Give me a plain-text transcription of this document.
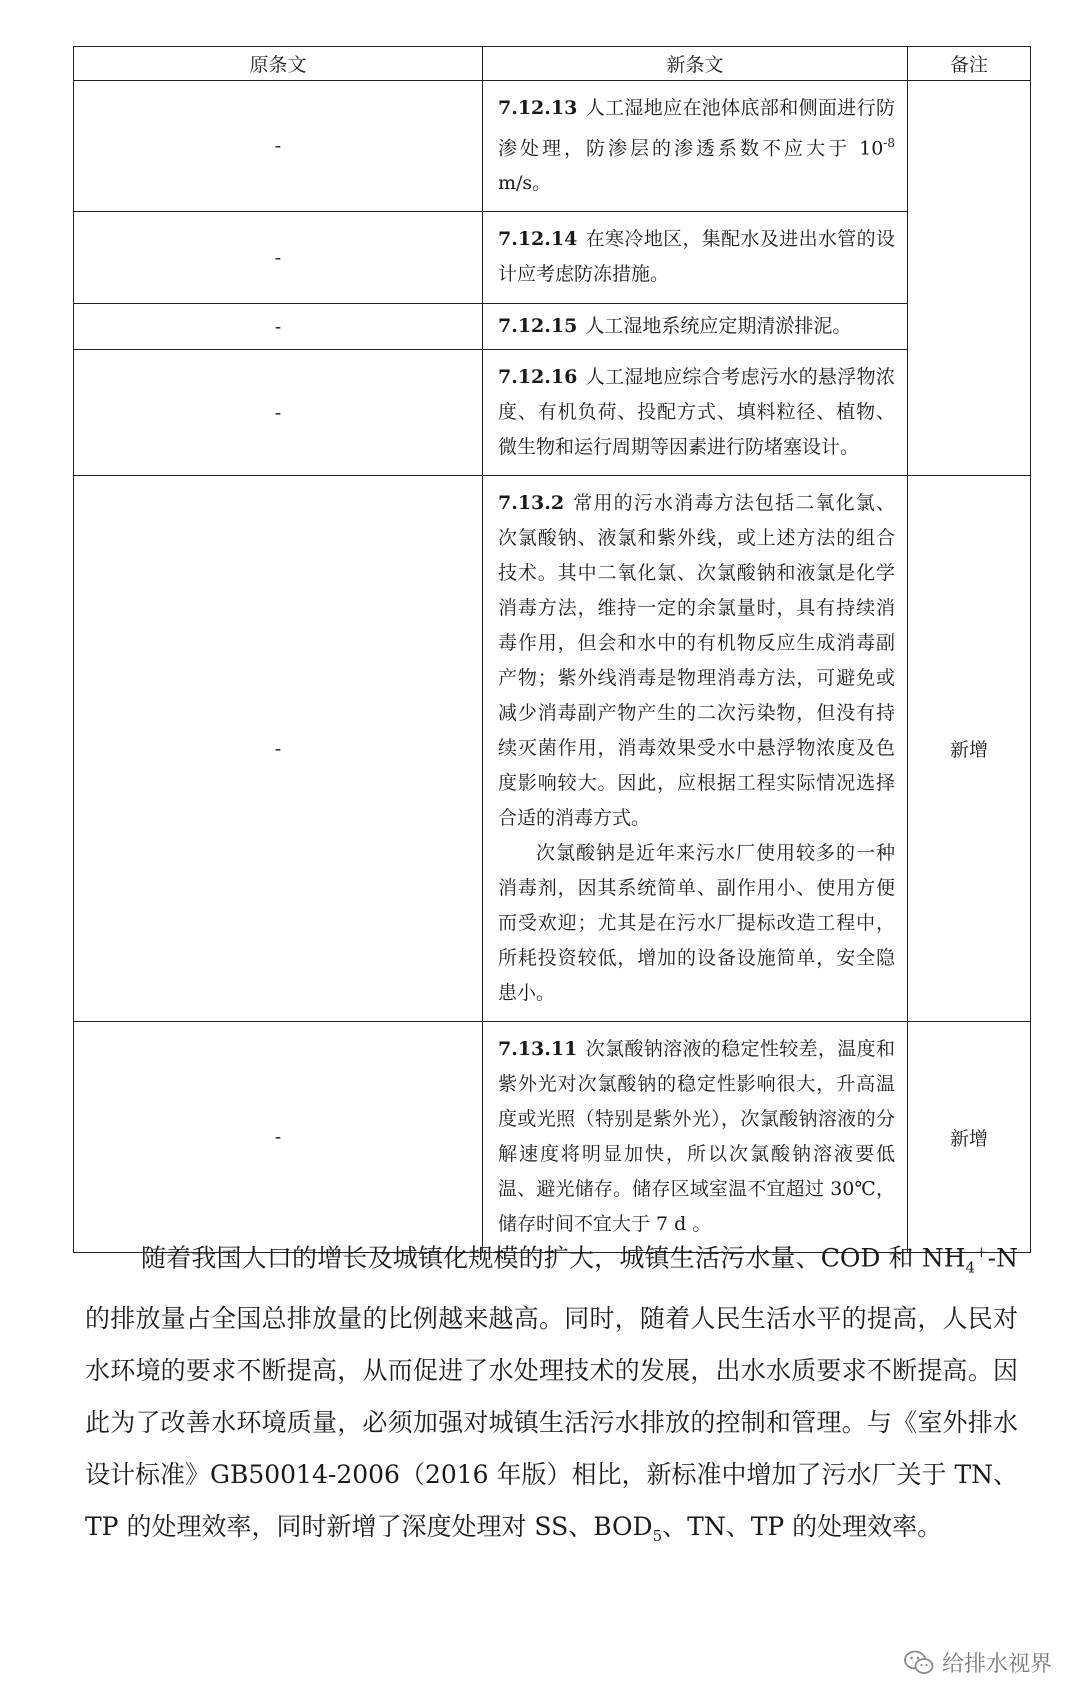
原条文	新条文	备注
-	7.12.13 人工湿地应在池体底部和侧面进行防渗处理，防渗层的渗透系数不应大于 $10^{-8}$ m/s。	
-	7.12.14 在寒冷地区，集配水及进出水管的设计应考虑防冻措施。	
-	7.12.15 人工湿地系统应定期清淤排泥。	
-	7.12.16 人工湿地应综合考虑污水的悬浮物浓度、有机负荷、投配方式、填料粒径、植物、微生物和运行周期等因素进行防堵塞设计。	
-	7.13.2 常用的污水消毒方法包括二氧化氯、次氯酸钠、液氯和紫外线，或上述方法的组合技术。其中二氧化氯、次氯酸钠和液氯是化学消毒方法，维持一定的余氯量时，具有持续消毒作用，但会和水中的有机物反应生成消毒副产物；紫外线消毒是物理消毒方法，可避免或减少消毒副产物产生的二次污染物，但没有持续灭菌作用，消毒效果受水中悬浮物浓度及色度影响较大。因此，应根据工程实际情况选择合适的消毒方式。

次氯酸钠是近年来污水厂使用较多的一种消毒剂，因其系统简单、副作用小、使用方便而受欢迎；尤其是在污水厂提标改造工程中，所耗投资较低，增加的设备设施简单，安全隐患小。	新增
-	7.13.11 次氯酸钠溶液的稳定性较差，温度和紫外光对次氯酸钠的稳定性影响很大，升高温度或光照（特别是紫外光），次氯酸钠溶液的分解速度将明显加快，所以次氯酸钠溶液要低温、避光储存。储存区域室温不宜超过 30℃，储存时间不宜大于 7 d 。	新增

随着我国人口的增长及城镇化规模的扩大，城镇生活污水量、COD 和 $NH_4^+-N$ 的排放量占全国总排放量的比例越来越高。同时，随着人民生活水平的提高，人民对水环境的要求不断提高，从而促进了水处理技术的发展，出水水质要求不断提高。因此为了改善水环境质量，必须加强对城镇生活污水排放的控制和管理。与《室外排水设计标准》GB50014-2006（2016 年版）相比，新标准中增加了污水厂关于 TN、TP 的处理效率，同时新增了深度处理对 SS、$BOD_5$、TN、TP 的处理效率。

给排水视界
